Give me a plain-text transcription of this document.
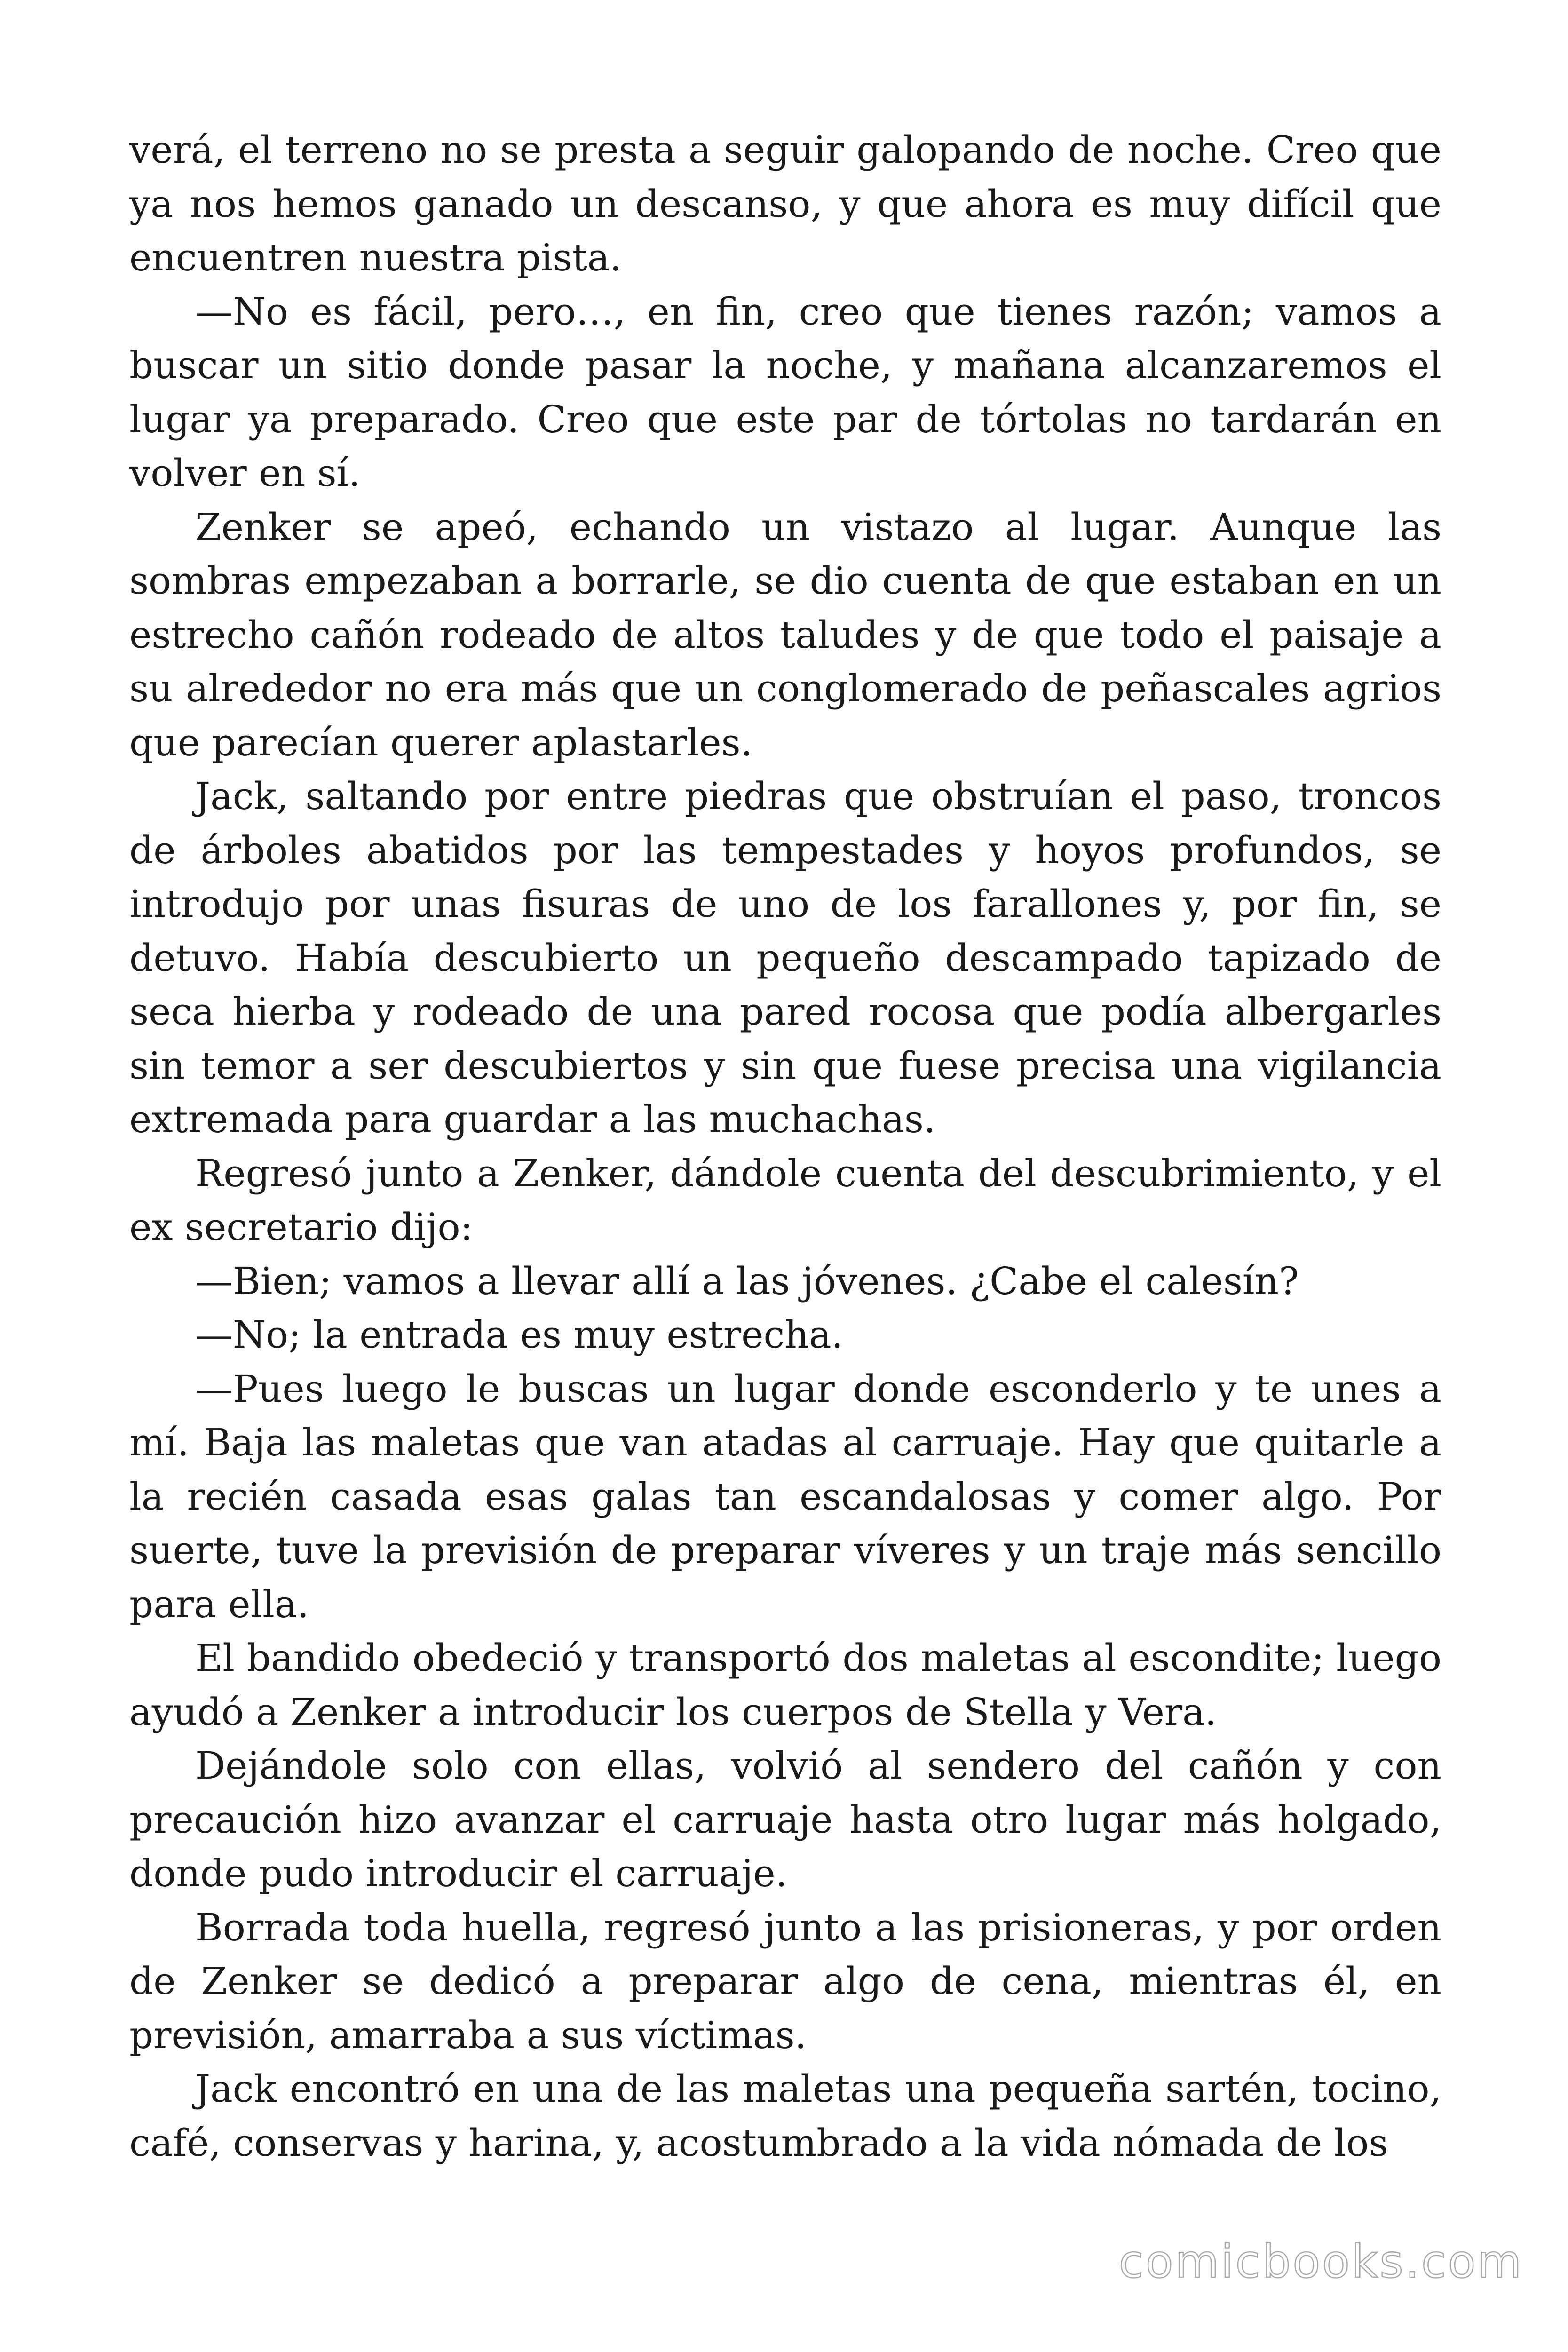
verá, el terreno no se presta a seguir galopando de noche. Creo que ya nos hemos ganado un descanso, y que ahora es muy difícil que encuentren nuestra pista.

—No es fácil, pero…, en fin, creo que tienes razón; vamos a buscar un sitio donde pasar la noche, y mañana alcanzaremos el lugar ya preparado. Creo que este par de tórtolas no tardarán en volver en sí.

Zenker se apeó, echando un vistazo al lugar. Aunque las sombras empezaban a borrarle, se dio cuenta de que estaban en un estrecho cañón rodeado de altos taludes y de que todo el paisaje a su alrededor no era más que un conglomerado de peñascales agrios que parecían querer aplastarles.

Jack, saltando por entre piedras que obstruían el paso, troncos de árboles abatidos por las tempestades y hoyos profundos, se introdujo por unas fisuras de uno de los farallones y, por fin, se detuvo. Había descubierto un pequeño descampado tapizado de seca hierba y rodeado de una pared rocosa que podía albergarles sin temor a ser descubiertos y sin que fuese precisa una vigilancia extremada para guardar a las muchachas.

Regresó junto a Zenker, dándole cuenta del descubrimiento, y el ex secretario dijo:

—Bien; vamos a llevar allí a las jóvenes. ¿Cabe el calesín?

—No; la entrada es muy estrecha.

—Pues luego le buscas un lugar donde esconderlo y te unes a mí. Baja las maletas que van atadas al carruaje. Hay que quitarle a la recién casada esas galas tan escandalosas y comer algo. Por suerte, tuve la previsión de preparar víveres y un traje más sencillo para ella.

El bandido obedeció y transportó dos maletas al escondite; luego ayudó a Zenker a introducir los cuerpos de Stella y Vera.

Dejándole solo con ellas, volvió al sendero del cañón y con precaución hizo avanzar el carruaje hasta otro lugar más holgado, donde pudo introducir el carruaje.

Borrada toda huella, regresó junto a las prisioneras, y por orden de Zenker se dedicó a preparar algo de cena, mientras él, en previsión, amarraba a sus víctimas.

Jack encontró en una de las maletas una pequeña sartén, tocino, café, conservas y harina, y, acostumbrado a la vida nómada de los

comicbooks.com
